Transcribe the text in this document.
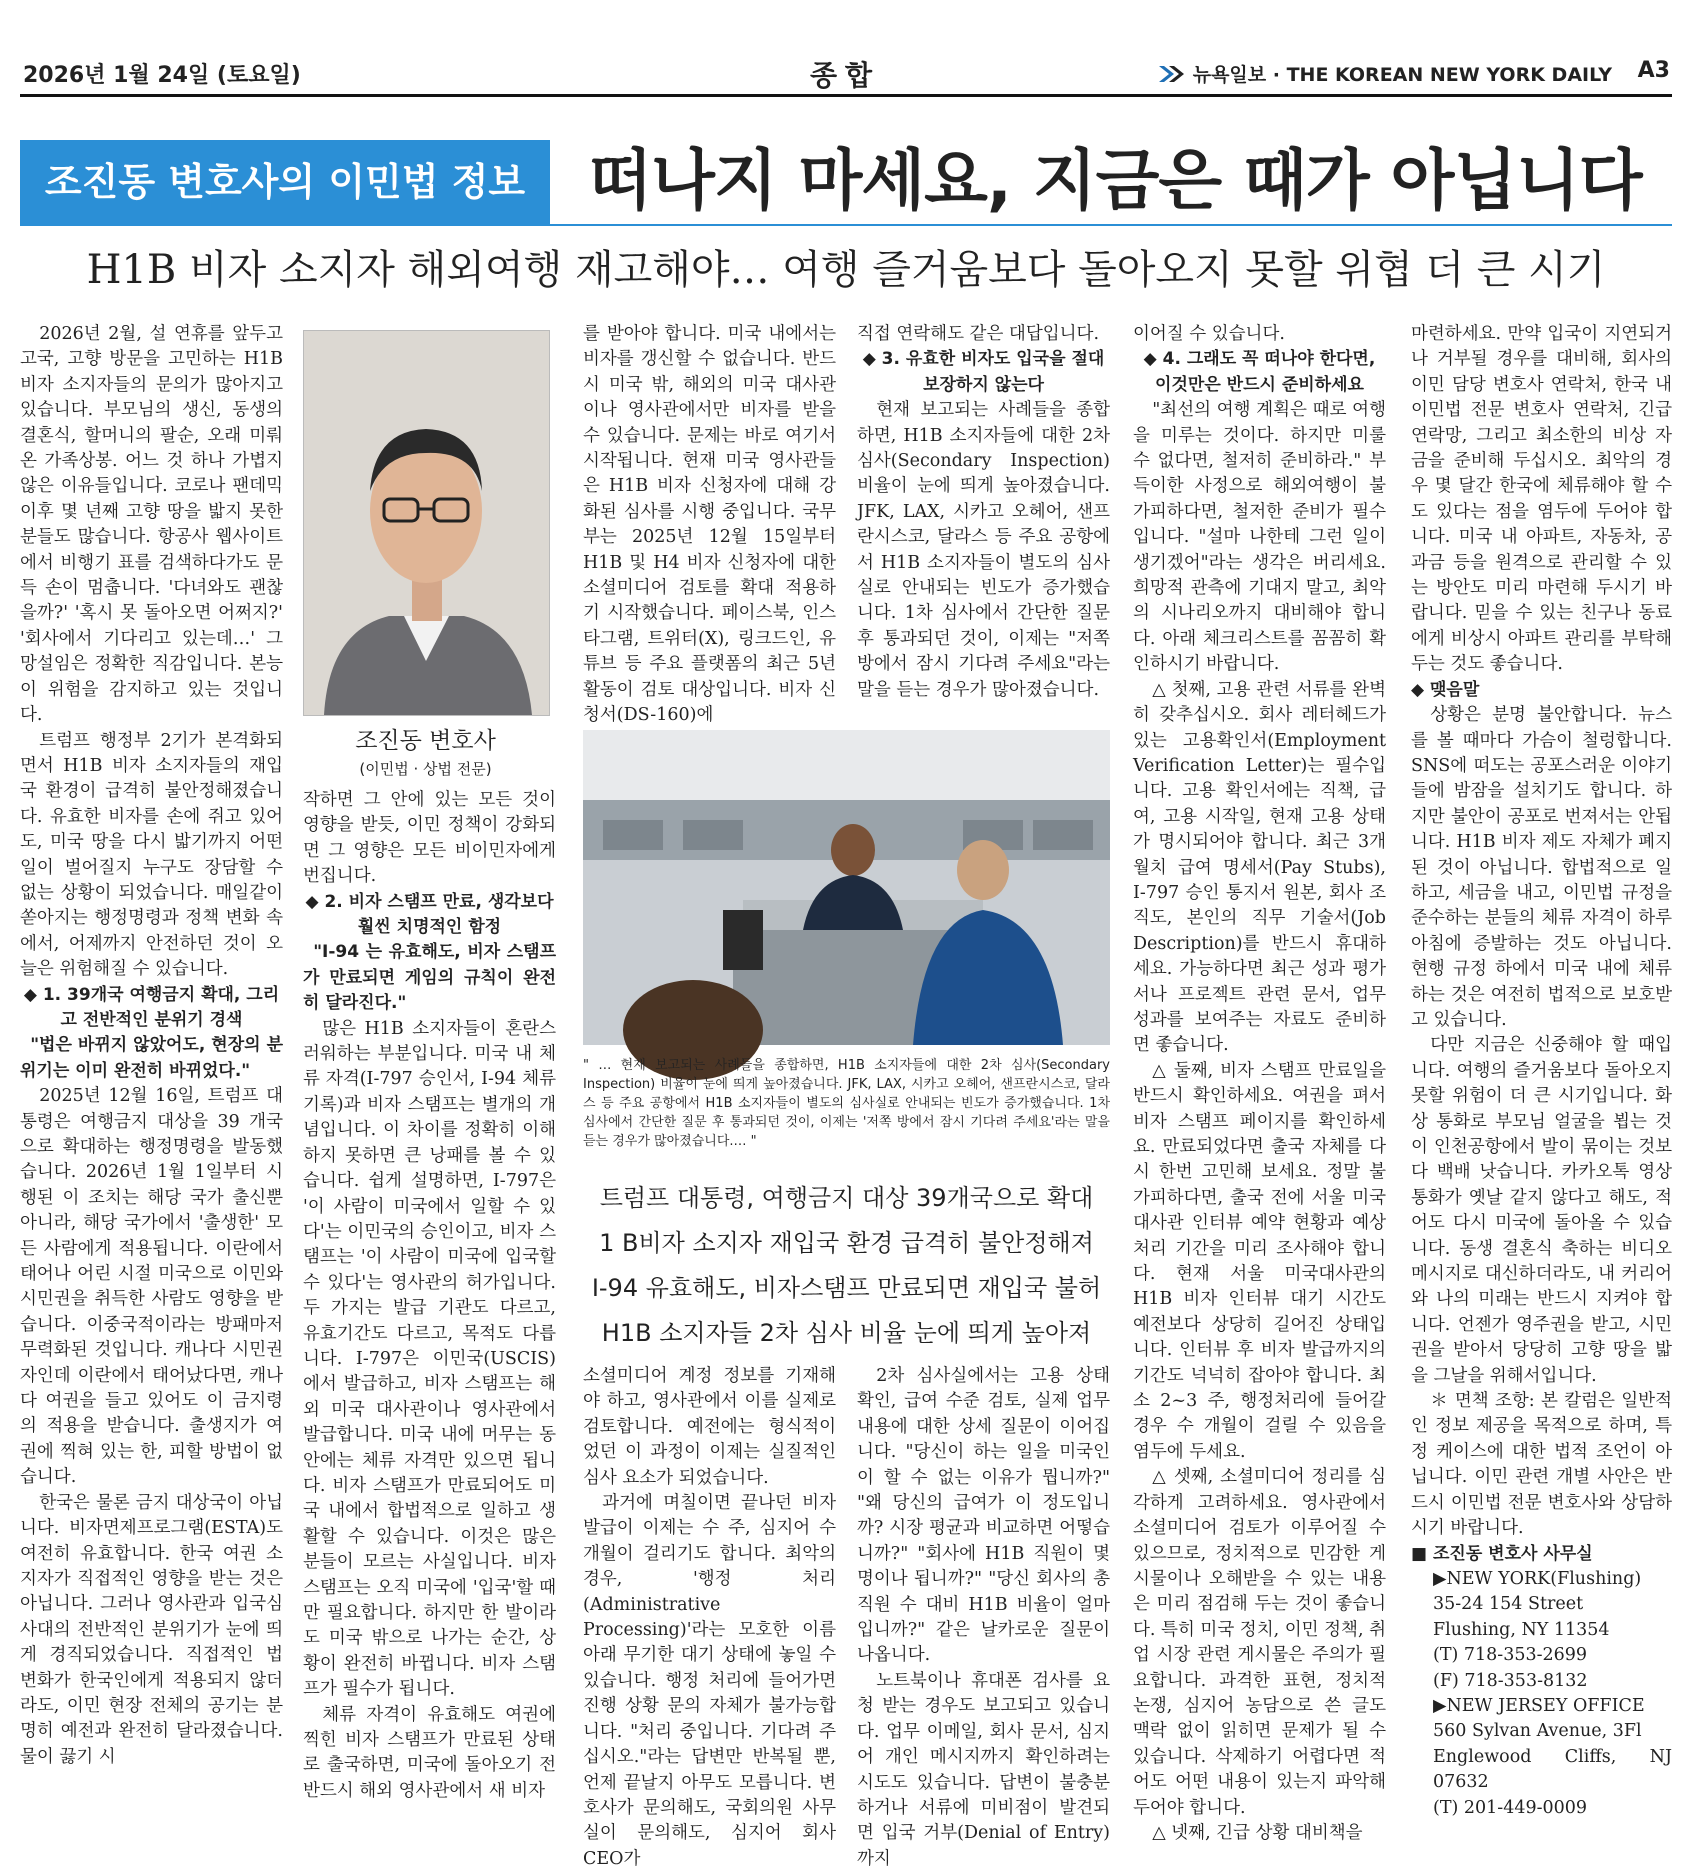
2026년 1월 24일 (토요일)	종합	뉴욕일보 · THE KOREAN NEW YORK DAILY A3
조진동 변호사의 이민법 정보 떠나지 마세요, 지금은 때가 아닙니다
H1B 비자 소지자 해외여행 재고해야… 여행 즐거움보다 돌아오지 못할 위협 더 큰 시기

2026년 2월, 설 연휴를 앞두고 고국, 고향 방문을 고민하는 H1B 비자 소지자들의 문의가 많아지고 있습니다. 부모님의 생신, 동생의 결혼식, 할머니의 팔순, 오래 미뤄온 가족상봉. 어느 것 하나 가볍지 않은 이유들입니다. 코로나 팬데믹 이후 몇 년째 고향 땅을 밟지 못한 분들도 많습니다. 항공사 웹사이트에서 비행기 표를 검색하다가도 문득 손이 멈춥니다. '다녀와도 괜찮을까?' '혹시 못 돌아오면 어쩌지?' '회사에서 기다리고 있는데…' 그 망설임은 정확한 직감입니다. 본능이 위험을 감지하고 있는 것입니다.

트럼프 행정부 2기가 본격화되면서 H1B 비자 소지자들의 재입국 환경이 급격히 불안정해졌습니다. 유효한 비자를 손에 쥐고 있어도, 미국 땅을 다시 밟기까지 어떤 일이 벌어질지 누구도 장담할 수 없는 상황이 되었습니다. 매일같이 쏟아지는 행정명령과 정책 변화 속에서, 어제까지 안전하던 것이 오늘은 위험해질 수 있습니다.

◆ 1. 39개국 여행금지 확대, 그리고 전반적인 분위기 경색

"법은 바뀌지 않았어도, 현장의 분위기는 이미 완전히 바뀌었다."

2025년 12월 16일, 트럼프 대통령은 여행금지 대상을 39 개국으로 확대하는 행정명령을 발동했습니다. 2026년 1월 1일부터 시행된 이 조치는 해당 국가 출신뿐 아니라, 해당 국가에서 '출생한' 모든 사람에게 적용됩니다. 이란에서 태어나 어린 시절 미국으로 이민와 시민권을 취득한 사람도 영향을 받습니다. 이중국적이라는 방패마저 무력화된 것입니다. 캐나다 시민권자인데 이란에서 태어났다면, 캐나다 여권을 들고 있어도 이 금지령의 적용을 받습니다. 출생지가 여권에 찍혀 있는 한, 피할 방법이 없습니다.

한국은 물론 금지 대상국이 아닙니다. 비자면제프로그램(ESTA)도 여전히 유효합니다. 한국 여권 소지자가 직접적인 영향을 받는 것은 아닙니다. 그러나 영사관과 입국심사대의 전반적인 분위기가 눈에 띄게 경직되었습니다. 직접적인 법 변화가 한국인에게 적용되지 않더라도, 이민 현장 전체의 공기는 분명히 예전과 완전히 달라졌습니다. 물이 끓기 시

조진동 변호사
(이민법 · 상법 전문)

작하면 그 안에 있는 모든 것이 영향을 받듯, 이민 정책이 강화되면 그 영향은 모든 비이민자에게 번집니다.

◆ 2. 비자 스탬프 만료, 생각보다 훨씬 치명적인 함정

"I-94 는 유효해도, 비자 스탬프가 만료되면 게임의 규칙이 완전히 달라진다."

많은 H1B 소지자들이 혼란스러워하는 부분입니다. 미국 내 체류 자격(I-797 승인서, I-94 체류기록)과 비자 스탬프는 별개의 개념입니다. 이 차이를 정확히 이해하지 못하면 큰 낭패를 볼 수 있습니다. 쉽게 설명하면, I-797은 '이 사람이 미국에서 일할 수 있다'는 이민국의 승인이고, 비자 스탬프는 '이 사람이 미국에 입국할 수 있다'는 영사관의 허가입니다. 두 가지는 발급 기관도 다르고, 유효기간도 다르고, 목적도 다릅니다. I-797은 이민국(USCIS)에서 발급하고, 비자 스탬프는 해외 미국 대사관이나 영사관에서 발급합니다. 미국 내에 머무는 동안에는 체류 자격만 있으면 됩니다. 비자 스탬프가 만료되어도 미국 내에서 합법적으로 일하고 생활할 수 있습니다. 이것은 많은 분들이 모르는 사실입니다. 비자 스탬프는 오직 미국에 '입국'할 때만 필요합니다. 하지만 한 발이라도 미국 밖으로 나가는 순간, 상황이 완전히 바뀝니다. 비자 스탬프가 필수가 됩니다.

체류 자격이 유효해도 여권에 찍힌 비자 스탬프가 만료된 상태로 출국하면, 미국에 돌아오기 전 반드시 해외 영사관에서 새 비자

를 받아야 합니다. 미국 내에서는 비자를 갱신할 수 없습니다. 반드시 미국 밖, 해외의 미국 대사관이나 영사관에서만 비자를 받을 수 있습니다. 문제는 바로 여기서 시작됩니다. 현재 미국 영사관들은 H1B 비자 신청자에 대해 강화된 심사를 시행 중입니다. 국무부는 2025년 12월 15일부터 H1B 및 H4 비자 신청자에 대한 소셜미디어 검토를 확대 적용하기 시작했습니다. 페이스북, 인스타그램, 트위터(X), 링크드인, 유튜브 등 주요 플랫폼의 최근 5년 활동이 검토 대상입니다. 비자 신청서(DS-160)에

직접 연락해도 같은 대답입니다.

◆ 3. 유효한 비자도 입국을 절대 보장하지 않는다

현재 보고되는 사례들을 종합하면, H1B 소지자들에 대한 2차 심사(Secondary Inspection) 비율이 눈에 띄게 높아졌습니다. JFK, LAX, 시카고 오헤어, 샌프란시스코, 달라스 등 주요 공항에서 H1B 소지자들이 별도의 심사실로 안내되는 빈도가 증가했습니다. 1차 심사에서 간단한 질문 후 통과되던 것이, 이제는 "저쪽 방에서 잠시 기다려 주세요"라는 말을 듣는 경우가 많아졌습니다.

" … 현재 보고되는 사례들을 종합하면, H1B 소지자들에 대한 2차 심사(Secondary Inspection) 비율이 눈에 띄게 높아졌습니다. JFK, LAX, 시카고 오헤어, 샌프란시스코, 달라스 등 주요 공항에서 H1B 소지자들이 별도의 심사실로 안내되는 빈도가 증가했습니다. 1차 심사에서 간단한 질문 후 통과되던 것이, 이제는 '저쪽 방에서 잠시 기다려 주세요'라는 말을 듣는 경우가 많아졌습니다.… "
트럼프 대통령, 여행금지 대상 39개국으로 확대
1 B비자 소지자 재입국 환경 급격히 불안정해져
I-94 유효해도, 비자스탬프 만료되면 재입국 불허
H1B 소지자들 2차 심사 비율 눈에 띄게 높아져

소셜미디어 계정 정보를 기재해야 하고, 영사관에서 이를 실제로 검토합니다. 예전에는 형식적이었던 이 과정이 이제는 실질적인 심사 요소가 되었습니다.

과거에 며칠이면 끝나던 비자 발급이 이제는 수 주, 심지어 수 개월이 걸리기도 합니다. 최악의 경우, '행정 처리(Administrative Processing)'라는 모호한 이름 아래 무기한 대기 상태에 놓일 수 있습니다. 행정 처리에 들어가면 진행 상황 문의 자체가 불가능합니다. "처리 중입니다. 기다려 주십시오."라는 답변만 반복될 뿐, 언제 끝날지 아무도 모릅니다. 변호사가 문의해도, 국회의원 사무실이 문의해도, 심지어 회사 CEO가

2차 심사실에서는 고용 상태 확인, 급여 수준 검토, 실제 업무 내용에 대한 상세 질문이 이어집니다. "당신이 하는 일을 미국인이 할 수 없는 이유가 뭡니까?" "왜 당신의 급여가 이 정도입니까? 시장 평균과 비교하면 어떻습니까?" "회사에 H1B 직원이 몇 명이나 됩니까?" "당신 회사의 총 직원 수 대비 H1B 비율이 얼마입니까?" 같은 날카로운 질문이 나옵니다.

노트북이나 휴대폰 검사를 요청 받는 경우도 보고되고 있습니다. 업무 이메일, 회사 문서, 심지어 개인 메시지까지 확인하려는 시도도 있습니다. 답변이 불충분하거나 서류에 미비점이 발견되면 입국 거부(Denial of Entry)까지

이어질 수 있습니다.

◆ 4. 그래도 꼭 떠나야 한다면, 이것만은 반드시 준비하세요

"최선의 여행 계획은 때로 여행을 미루는 것이다. 하지만 미룰 수 없다면, 철저히 준비하라." 부득이한 사정으로 해외여행이 불가피하다면, 철저한 준비가 필수입니다. "설마 나한테 그런 일이 생기겠어"라는 생각은 버리세요. 희망적 관측에 기대지 말고, 최악의 시나리오까지 대비해야 합니다. 아래 체크리스트를 꼼꼼히 확인하시기 바랍니다.

△ 첫째, 고용 관련 서류를 완벽히 갖추십시오. 회사 레터헤드가 있는 고용확인서(Employment Verification Letter)는 필수입니다. 고용 확인서에는 직책, 급여, 고용 시작일, 현재 고용 상태가 명시되어야 합니다. 최근 3개월치 급여 명세서(Pay Stubs), I-797 승인 통지서 원본, 회사 조직도, 본인의 직무 기술서(Job Description)를 반드시 휴대하세요. 가능하다면 최근 성과 평가서나 프로젝트 관련 문서, 업무 성과를 보여주는 자료도 준비하면 좋습니다.

△ 둘째, 비자 스탬프 만료일을 반드시 확인하세요. 여권을 펴서 비자 스탬프 페이지를 확인하세요. 만료되었다면 출국 자체를 다시 한번 고민해 보세요. 정말 불가피하다면, 출국 전에 서울 미국대사관 인터뷰 예약 현황과 예상 처리 기간을 미리 조사해야 합니다. 현재 서울 미국대사관의 H1B 비자 인터뷰 대기 시간도 예전보다 상당히 길어진 상태입니다. 인터뷰 후 비자 발급까지의 기간도 넉넉히 잡아야 합니다. 최소 2~3 주, 행정처리에 들어갈 경우 수 개월이 걸릴 수 있음을 염두에 두세요.

△ 셋째, 소셜미디어 정리를 심각하게 고려하세요. 영사관에서 소셜미디어 검토가 이루어질 수 있으므로, 정치적으로 민감한 게시물이나 오해받을 수 있는 내용은 미리 점검해 두는 것이 좋습니다. 특히 미국 정치, 이민 정책, 취업 시장 관련 게시물은 주의가 필요합니다. 과격한 표현, 정치적 논쟁, 심지어 농담으로 쓴 글도 맥락 없이 읽히면 문제가 될 수 있습니다. 삭제하기 어렵다면 적어도 어떤 내용이 있는지 파악해 두어야 합니다.

△ 넷째, 긴급 상황 대비책을

마련하세요. 만약 입국이 지연되거나 거부될 경우를 대비해, 회사의 이민 담당 변호사 연락처, 한국 내 이민법 전문 변호사 연락처, 긴급 연락망, 그리고 최소한의 비상 자금을 준비해 두십시오. 최악의 경우 몇 달간 한국에 체류해야 할 수도 있다는 점을 염두에 두어야 합니다. 미국 내 아파트, 자동차, 공과금 등을 원격으로 관리할 수 있는 방안도 미리 마련해 두시기 바랍니다. 믿을 수 있는 친구나 동료에게 비상시 아파트 관리를 부탁해 두는 것도 좋습니다.

◆ 맺음말

상황은 분명 불안합니다. 뉴스를 볼 때마다 가슴이 철렁합니다. SNS에 떠도는 공포스러운 이야기들에 밤잠을 설치기도 합니다. 하지만 불안이 공포로 번져서는 안됩니다. H1B 비자 제도 자체가 폐지된 것이 아닙니다. 합법적으로 일하고, 세금을 내고, 이민법 규정을 준수하는 분들의 체류 자격이 하루아침에 증발하는 것도 아닙니다. 현행 규정 하에서 미국 내에 체류하는 것은 여전히 법적으로 보호받고 있습니다.

다만 지금은 신중해야 할 때입니다. 여행의 즐거움보다 돌아오지 못할 위험이 더 큰 시기입니다. 화상 통화로 부모님 얼굴을 뵙는 것이 인천공항에서 발이 묶이는 것보다 백배 낫습니다. 카카오톡 영상통화가 옛날 같지 않다고 해도, 적어도 다시 미국에 돌아올 수 있습니다. 동생 결혼식 축하는 비디오 메시지로 대신하더라도, 내 커리어와 나의 미래는 반드시 지켜야 합니다. 언젠가 영주권을 받고, 시민권을 받아서 당당히 고향 땅을 밟을 그날을 위해서입니다.

＊ 면책 조항: 본 칼럼은 일반적인 정보 제공을 목적으로 하며, 특정 케이스에 대한 법적 조언이 아닙니다. 이민 관련 개별 사안은 반드시 이민법 전문 변호사와 상담하시기 바랍니다.

■ 조진동 변호사 사무실

▶NEW YORK(Flushing)

35-24 154 Street

Flushing, NY 11354

(T) 718-353-2699

(F) 718-353-8132

▶NEW JERSEY OFFICE

560 Sylvan Avenue, 3Fl

Englewood Cliffs, NJ 07632

(T) 201-449-0009
